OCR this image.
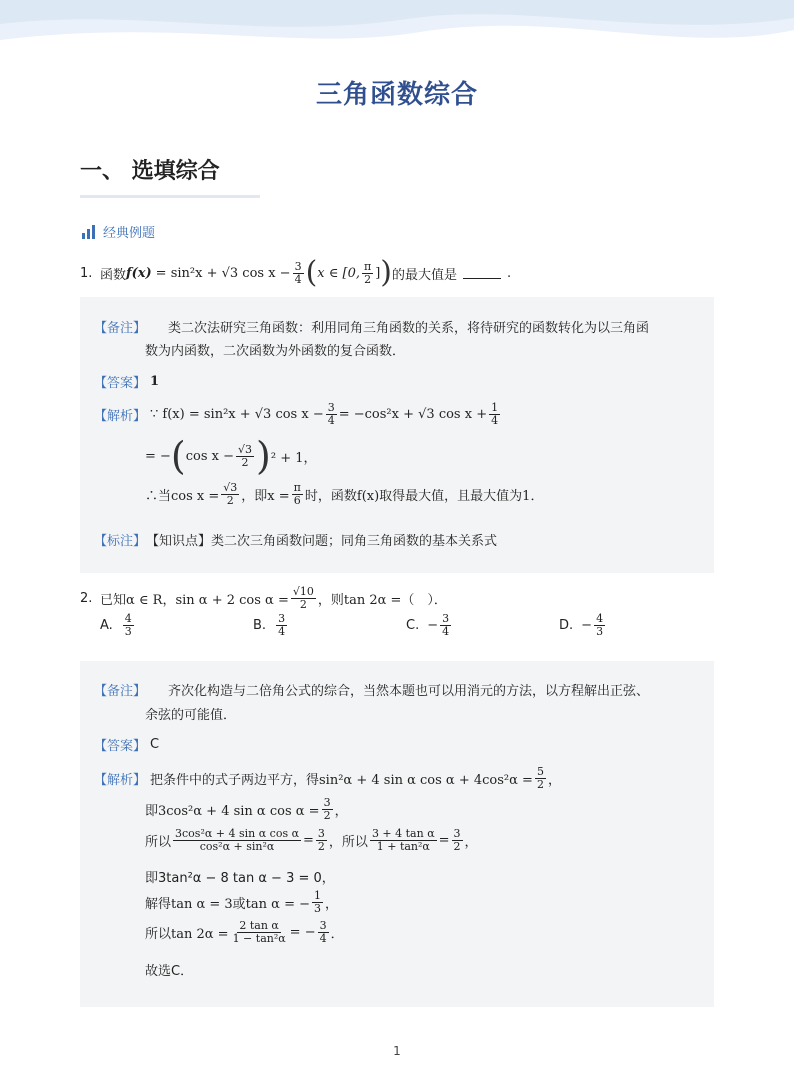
三角函数综合
一、 选填综合
经典例题
1. 函数 f(x) = sin²x + √3 $\cos x - \frac{3}{4}$ ( x ∈ [0, $\frac{\pi}{2}$ ] ) 的最大值是	.
【备注】 类二次法研究三角函数：利用同角三角函数的关系，将待研究的函数转化为以三角函
数为内函数，二次函数为外函数的复合函数．
【答案】 1
【解析】 ∵ f(x) = sin²x + √3 $\cos x - \frac{3}{4} = -\cos^2x + √3$ $\cos x + \frac{1}{4}$
= − ( $\cos x - \frac{√3}{2}$ ) ² + 1，
∴当$\cos x = \frac{√3}{2}$ ，即$x = \frac{\pi}{6}$ 时，函数f(x)取得最大值，且最大值为1．
【标注】 【知识点】类二次三角函数问题；同角三角函数的基本关系式
2. 已知α ∈ R，sin α + 2 $\cos \alpha = \frac{√10}{2}$ ，则tan 2α =（　）．
A. $\frac{4}{3}$	B. $\frac{3}{4}$	C. − $\frac{3}{4}$	D. − $\frac{4}{3}$
【备注】 齐次化构造与二倍角公式的综合，当然本题也可以用消元的方法，以方程解出正弦、
余弦的可能值．
【答案】 C
【解析】 把条件中的式子两边平方，得sin²α + 4 sin α $\cos \alpha + 4\cos^2\alpha = \frac{5}{2}$ ，
即3cos²α + 4 sin α $\cos \alpha = \frac{3}{2}$ ，
所以 $\frac{\text{3cos²α + 4 sin α cos α}}{\text{cos²α + sin²α}} = \frac{3}{2}$ ，所以 $\frac{\text{3 + 4 tan α}}{\text{1 + tan²α}} = \frac{3}{2}$ ，
即3tan²α − 8 tan α − 3 = 0，
解得tan α = 3或tan α = − $\frac{1}{3}$ ，
所以$\tan 2\alpha = \frac{\text{2 tan α}}{\text{1 − tan²α}}$ = − $\frac{3}{4}$ ．
故选C．
1
